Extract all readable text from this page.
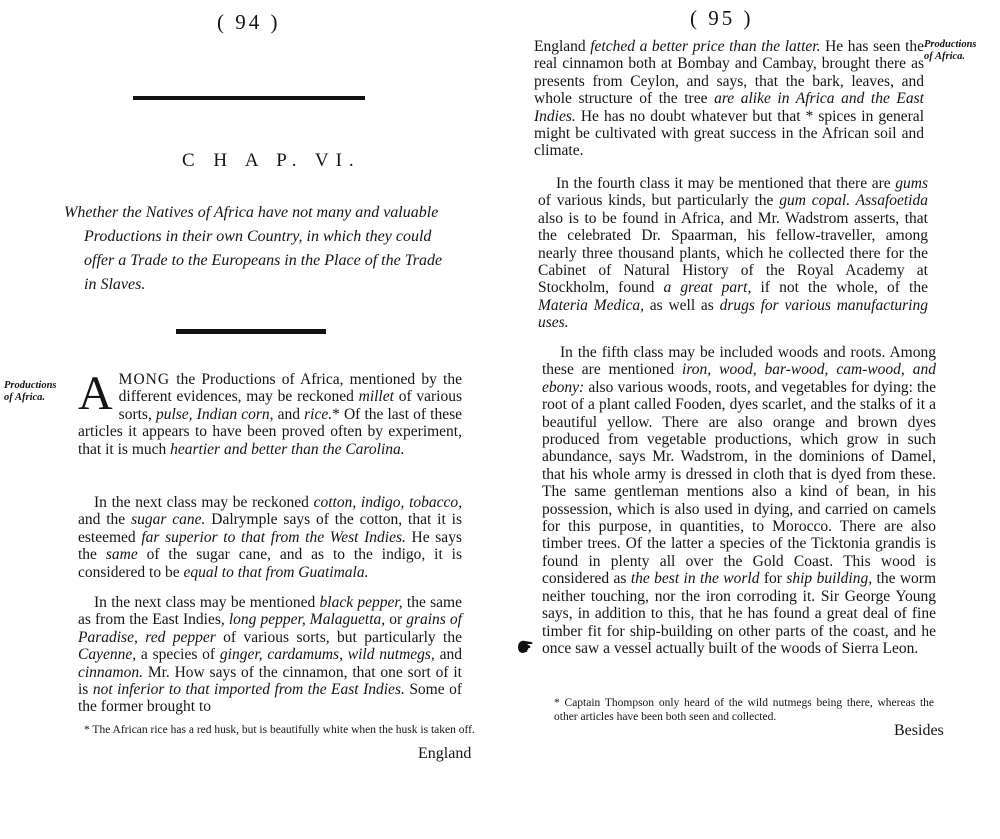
( 94 )
C H A P. VI.
Whether the Natives of Africa have not many and valuable
Productions in their own Country, in which they could
offer a Trade to the Europeans in the Place of the Trade
in Slaves.
Productions of Africa. AMONG the Productions of Africa, mentioned by the different evidences, may be reckoned millet of various sorts, pulse, Indian corn, and rice.* Of the last of these articles it appears to have been proved often by experiment, that it is much heartier and better than the Carolina.
In the next class may be reckoned cotton, indigo, tobacco, and the sugar cane. Dalrymple says of the cotton, that it is esteemed far superior to that from the West Indies. He says the same of the sugar cane, and as to the indigo, it is considered to be equal to that from Guatimala.
In the next class may be mentioned black pepper, the same as from the East Indies, long pepper, Malaguetta, or grains of Paradise, red pepper of various sorts, but particularly the Cayenne, a species of ginger, cardamums, wild nutmegs, and cinnamon. Mr. How says of the cinnamon, that one sort of it is not inferior to that imported from the East Indies. Some of the former brought to
* The African rice has a red husk, but is beautifully white when the husk is taken off.
England
( 95 )
Productions of Africa.
England fetched a better price than the latter. He has seen the real cinnamon both at Bombay and Cambay, brought there as presents from Ceylon, and says, that the bark, leaves, and whole structure of the tree are alike in Africa and the East Indies. He has no doubt whatever but that * spices in general might be cultivated with great success in the African soil and climate.
In the fourth class it may be mentioned that there are gums of various kinds, but particularly the gum copal. Assafoetida also is to be found in Africa, and Mr. Wadstrom asserts, that the celebrated Dr. Spaarman, his fellow-traveller, among nearly three thousand plants, which he collected there for the Cabinet of Natural History of the Royal Academy at Stockholm, found a great part, if not the whole, of the Materia Medica, as well as drugs for various manufacturing uses.
In the fifth class may be included woods and roots. Among these are mentioned iron, wood, bar-wood, cam-wood, and ebony: also various woods, roots, and vegetables for dying: the root of a plant called Fooden, dyes scarlet, and the stalks of it a beautiful yellow. There are also orange and brown dyes produced from vegetable productions, which grow in such abundance, says Mr. Wadstrom, in the dominions of Damel, that his whole army is dressed in cloth that is dyed from these. The same gentleman mentions also a kind of bean, in his possession, which is also used in dying, and carried on camels for this purpose, in quantities, to Morocco. There are also timber trees. Of the latter a species of the Ticktonia grandis is found in plenty all over the Gold Coast. This wood is considered as the best in the world for ship building, the worm neither touching, nor the iron corroding it. Sir George Young says, in addition to this, that he has found a great deal of fine timber fit for ship-building on other parts of the coast, and he once saw a vessel actually built of the woods of Sierra Leon.
* Captain Thompson only heard of the wild nutmegs being there, whereas the other articles have been both seen and collected.
Besides
